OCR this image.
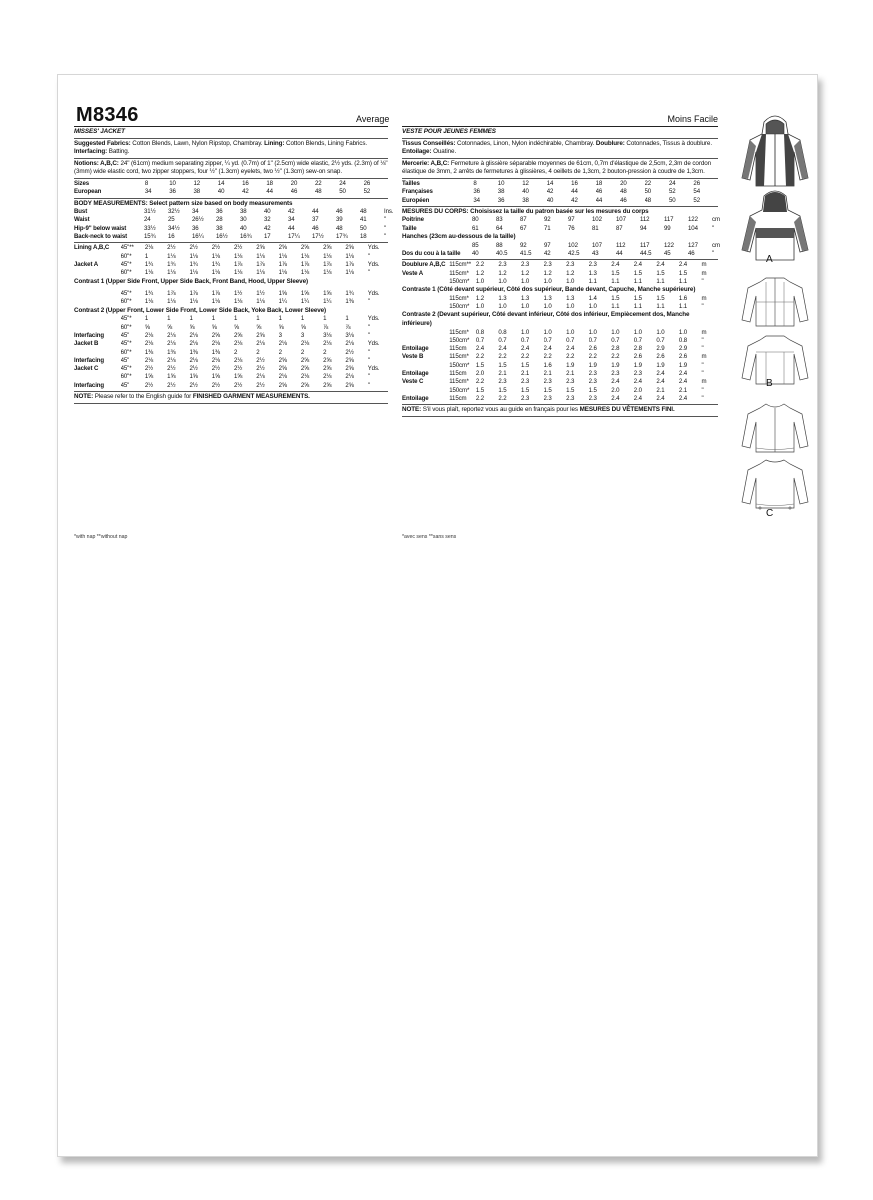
M8346	Average	Moins Facile
MISSES' JACKET

Suggested Fabrics: Cotton Blends, Lawn, Nylon Ripstop, Chambray. Lining: Cotton Blends, Lining Fabrics. Interfacing: Batting.

Notions: A,B,C: 24" (61cm) medium separating zipper, ¼ yd. (0.7m) of 1" (2.5cm) wide elastic, 2½ yds. (2.3m) of ⅛" (3mm) wide elastic cord, two zipper stoppers, four ½" (1.3cm) eyelets, two ½" (1.3cm) sew-on snap.

Sizes	8	10	12	14	16	18	20	22	24	26
European	34	36	38	40	42	44	46	48	50	52
BODY MEASUREMENTS: Select pattern size based on body measurements
Bust	31½	32½	34	36	38	40	42	44	46	48	Ins.
Waist	24	25	26½	28	30	32	34	37	39	41	"
Hip-9" below waist	33½	34½	36	38	40	42	44	46	48	50	"
Back-neck to waist	15¾	16	16¼	16½	16¾	17	17¼	17½	17¾	18	"
Lining A,B,C	45"**	2⅛	2½	2½	2½	2½	2⅝	2⅝	2⅝	2⅝	2⅝	Yds.
	60"*	1	1⅛	1⅛	1⅛	1⅛	1⅛	1⅛	1⅛	1⅛	1⅛	"
Jacket A	45"*	1¾	1¾	1¾	1¾	1⅞	1⅞	1⅞	1⅞	1⅞	1⅞	Yds.
	60"*	1⅛	1⅛	1⅛	1⅛	1⅛	1⅛	1⅛	1⅛	1⅛	1⅛	"
Contrast 1 (Upper Side Front, Upper Side Back, Front Band, Hood, Upper Sleeve)
	45"*	1¾	1⅞	1⅞	1⅞	1½	1½	1⅝	1⅝	1⅝	1¾	Yds.
	60"*	1⅛	1⅛	1⅛	1⅛	1⅛	1⅛	1¼	1¼	1¼	1⅜	"
Contrast 2 (Upper Front, Lower Side Front, Lower Side Back, Yoke Back, Lower Sleeve)
	45"*	1	1	1	1	1	1	1	1	1	1	Yds.
	60"*	⅝	⅝	⅝	⅝	⅝	⅝	⅝	⅝	⅞	⅞	"
Interfacing	45"	2⅛	2⅛	2⅛	2⅝	2⅝	2⅝	3	3	3⅛	3⅛	"
Jacket B	45"*	2⅛	2⅛	2⅛	2⅛	2⅛	2⅛	2⅛	2⅛	2⅛	2⅛	Yds.
	60"*	1⅜	1⅜	1⅜	1⅜	2	2	2	2	2	2½	"
Interfacing	45"	2⅛	2⅛	2⅛	2⅛	2⅛	2½	2⅝	2⅝	2⅝	2⅝	"
Jacket C	45"*	2½	2½	2½	2½	2½	2½	2⅝	2⅝	2⅝	2⅝	Yds.
	60"*	1⅝	1⅝	1⅝	1⅝	1⅝	2⅛	2⅛	2⅛	2⅛	2⅛	"
Interfacing	45"	2½	2½	2½	2½	2½	2½	2⅝	2⅝	2⅝	2⅝	"

NOTE: Please refer to the English guide for FINISHED GARMENT MEASUREMENTS.

*with nap **without nap
VESTE POUR JEUNES FEMMES

Tissus Conseillés: Cotonnades, Linon, Nylon indéchirable, Chambray. Doublure: Cotonnades, Tissus à doublure. Entoilage: Ouatine.

Mercerie: A,B,C: Fermeture à glissière séparable moyennes de 61cm, 0,7m d'élastique de 2,5cm, 2,3m de cordon élastique de 3mm, 2 arrêts de fermetures à glissières, 4 oeillets de 1,3cm, 2 bouton-pression à coudre de 1,3cm.

Tailles	8	10	12	14	16	18	20	22	24	26
Françaises	36	38	40	42	44	46	48	50	52	54
Européen	34	36	38	40	42	44	46	48	50	52
MESURES DU CORPS: Choisissez la taille du patron basée sur les mesures du corps
Poitrine	80	83	87	92	97	102	107	112	117	122	cm
Taille	61	64	67	71	76	81	87	94	99	104	"
Hanches (23cm au-dessous de la taille)
	85	88	92	97	102	107	112	117	122	127	cm
Dos du cou à la taille	40	40.5	41.5	42	42.5	43	44	44.5	45	46	"
Doublure A,B,C	115cm**	2.2	2.3	2.3	2.3	2.3	2.3	2.4	2.4	2.4	2.4	m
Veste A	115cm*	1.2	1.2	1.2	1.2	1.2	1.3	1.5	1.5	1.5	1.5	m
	150cm*	1.0	1.0	1.0	1.0	1.0	1.1	1.1	1.1	1.1	1.1	"
Contraste 1 (Côté devant supérieur, Côté dos supérieur, Bande devant, Capuche, Manche supérieure)
	115cm*	1.2	1.3	1.3	1.3	1.3	1.4	1.5	1.5	1.5	1.6	m
	150cm*	1.0	1.0	1.0	1.0	1.0	1.0	1.1	1.1	1.1	1.1	"
Contraste 2 (Devant supérieur, Côté devant inférieur, Côté dos inférieur, Empiècement dos, Manche inférieure)
	115cm*	0.8	0.8	1.0	1.0	1.0	1.0	1.0	1.0	1.0	1.0	m
	150cm*	0.7	0.7	0.7	0.7	0.7	0.7	0.7	0.7	0.7	0.8	"
Entoilage	115cm	2.4	2.4	2.4	2.4	2.4	2.6	2.8	2.8	2.9	2.9	"
Veste B	115cm*	2.2	2.2	2.2	2.2	2.2	2.2	2.2	2.6	2.6	2.6	m
	150cm*	1.5	1.5	1.5	1.6	1.9	1.9	1.9	1.9	1.9	1.9	"
Entoilage	115cm	2.0	2.1	2.1	2.1	2.1	2.3	2.3	2.3	2.4	2.4	"
Veste C	115cm*	2.2	2.3	2.3	2.3	2.3	2.3	2.4	2.4	2.4	2.4	m
	150cm*	1.5	1.5	1.5	1.5	1.5	1.5	2.0	2.0	2.1	2.1	"
Entoilage	115cm	2.2	2.2	2.3	2.3	2.3	2.3	2.4	2.4	2.4	2.4	"

NOTE: S'il vous plaît, reportez vous au guide en français pour les MESURES DU VÊTEMENTS FINI.

*avec sens **sans sens
A
B
C
